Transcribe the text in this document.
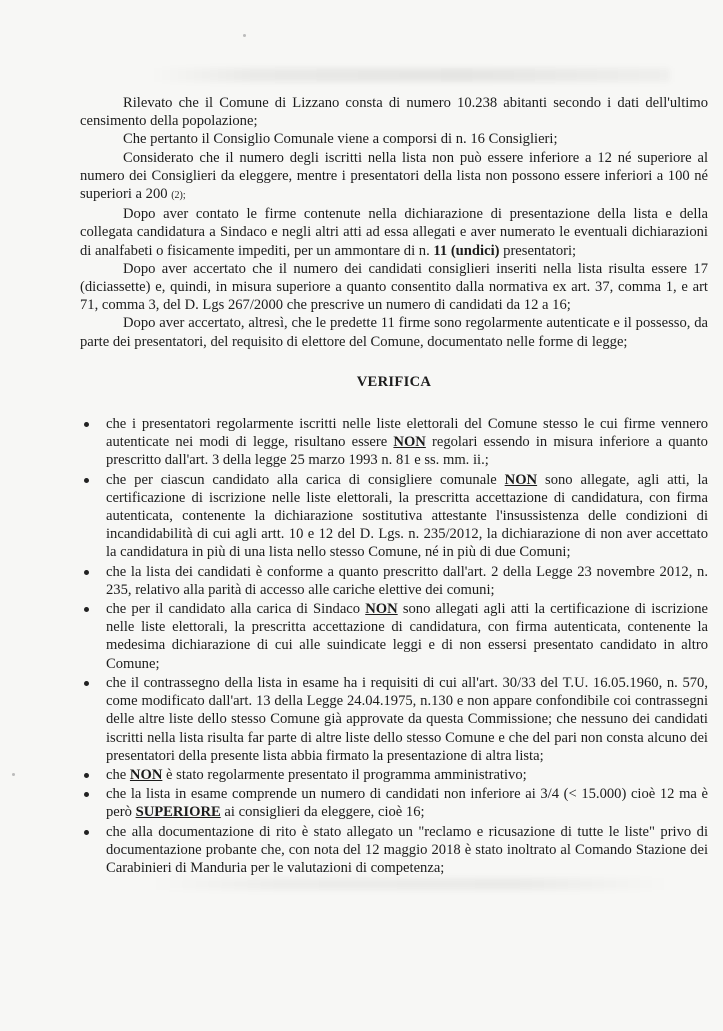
Rilevato che il Comune di Lizzano consta di numero 10.238 abitanti secondo i dati dell'ultimo censimento della popolazione;

Che pertanto il Consiglio Comunale viene a comporsi di n. 16 Consiglieri;

Considerato che il numero degli iscritti nella lista non può essere inferiore a 12 né superiore al numero dei Consiglieri da eleggere, mentre i presentatori della lista non possono essere inferiori a 100 né superiori a 200 (2);

Dopo aver contato le firme contenute nella dichiarazione di presentazione della lista e della collegata candidatura a Sindaco e negli altri atti ad essa allegati e aver numerato le eventuali dichiarazioni di analfabeti o fisicamente impediti, per un ammontare di n. 11 (undici) presentatori;

Dopo aver accertato che il numero dei candidati consiglieri inseriti nella lista risulta essere 17 (diciassette) e, quindi, in misura superiore a quanto consentito dalla normativa ex art. 37, comma 1, e art 71, comma 3, del D. Lgs 267/2000 che prescrive un numero di candidati da 12 a 16;

Dopo aver accertato, altresì, che le predette 11 firme sono regolarmente autenticate e il possesso, da parte dei presentatori, del requisito di elettore del Comune, documentato nelle forme di legge;

VERIFICA

che i presentatori regolarmente iscritti nelle liste elettorali del Comune stesso le cui firme vennero autenticate nei modi di legge, risultano essere NON regolari essendo in misura inferiore a quanto prescritto dall'art. 3 della legge 25 marzo 1993 n. 81 e ss. mm. ii.;
che per ciascun candidato alla carica di consigliere comunale NON sono allegate, agli atti, la certificazione di iscrizione nelle liste elettorali, la prescritta accettazione di candidatura, con firma autenticata, contenente la dichiarazione sostitutiva attestante l'insussistenza delle condizioni di incandidabilità di cui agli artt. 10 e 12 del D. Lgs. n. 235/2012, la dichiarazione di non aver accettato la candidatura in più di una lista nello stesso Comune, né in più di due Comuni;
che la lista dei candidati è conforme a quanto prescritto dall'art. 2 della Legge 23 novembre 2012, n. 235, relativo alla parità di accesso alle cariche elettive dei comuni;
che per il candidato alla carica di Sindaco NON sono allegati agli atti la certificazione di iscrizione nelle liste elettorali, la prescritta accettazione di candidatura, con firma autenticata, contenente la medesima dichiarazione di cui alle suindicate leggi e di non essersi presentato candidato in altro Comune;
che il contrassegno della lista in esame ha i requisiti di cui all'art. 30/33 del T.U. 16.05.1960, n. 570, come modificato dall'art. 13 della Legge 24.04.1975, n.130 e non appare confondibile coi contrassegni delle altre liste dello stesso Comune già approvate da questa Commissione; che nessuno dei candidati iscritti nella lista risulta far parte di altre liste dello stesso Comune e che del pari non consta alcuno dei presentatori della presente lista abbia firmato la presentazione di altra lista;
che NON è stato regolarmente presentato il programma amministrativo;
che la lista in esame comprende un numero di candidati non inferiore ai 3/4 (< 15.000) cioè 12 ma è però SUPERIORE ai consiglieri da eleggere, cioè 16;
che alla documentazione di rito è stato allegato un "reclamo e ricusazione di tutte le liste" privo di documentazione probante che, con nota del 12 maggio 2018 è stato inoltrato al Comando Stazione dei Carabinieri di Manduria per le valutazioni di competenza;
